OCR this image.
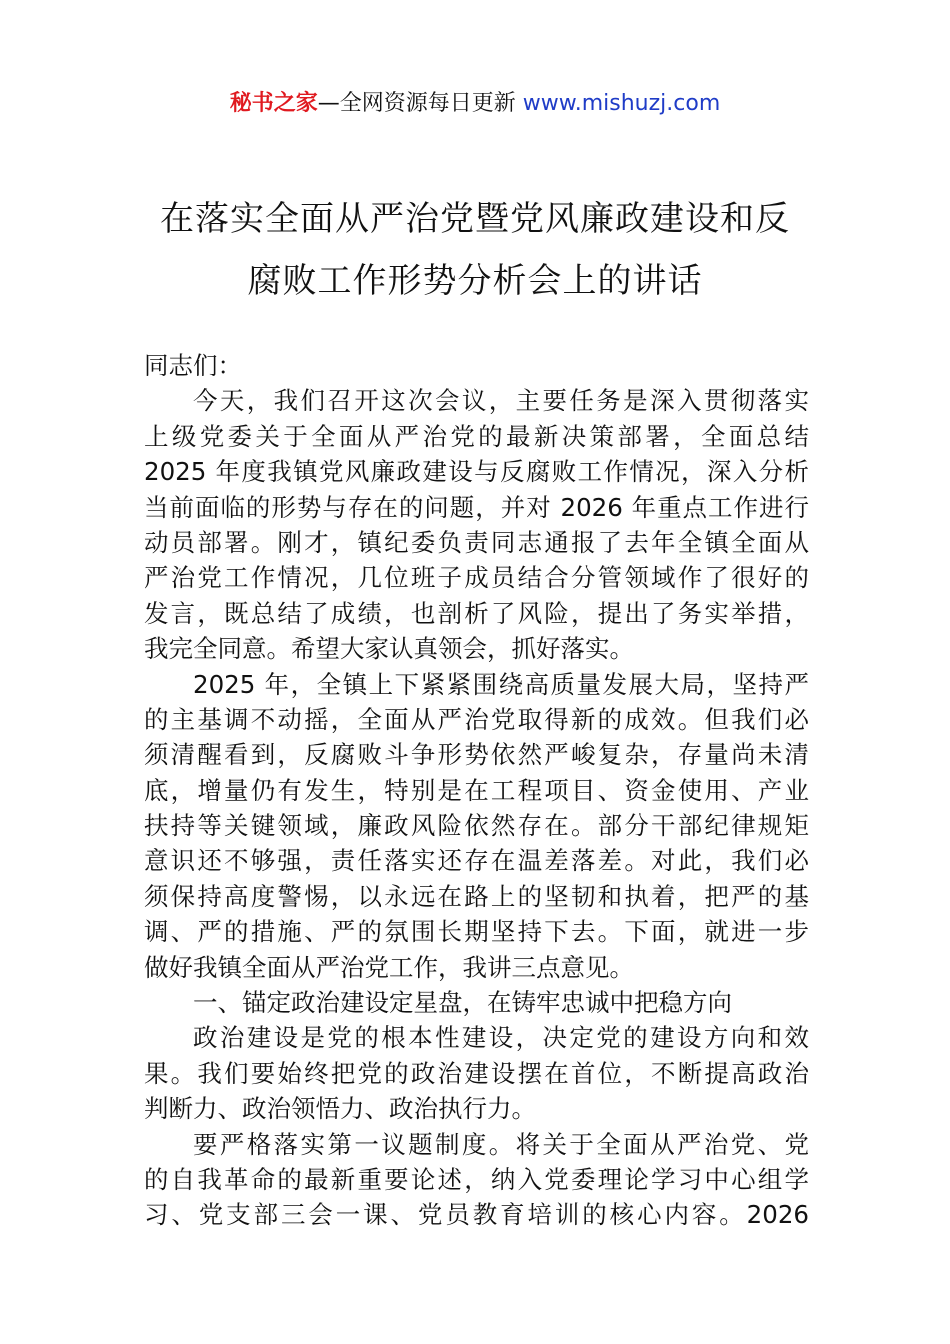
秘书之家—全网资源每日更新 www.mishuzj.com
在落实全面从严治党暨党风廉政建设和反
腐败工作形势分析会上的讲话
同志们：
今天，我们召开这次会议，主要任务是深入贯彻落实
上级党委关于全面从严治党的最新决策部署，全面总结
2025 年度我镇党风廉政建设与反腐败工作情况，深入分析
当前面临的形势与存在的问题，并对 2026 年重点工作进行
动员部署。刚才，镇纪委负责同志通报了去年全镇全面从
严治党工作情况，几位班子成员结合分管领域作了很好的
发言，既总结了成绩，也剖析了风险，提出了务实举措，
我完全同意。希望大家认真领会，抓好落实。
2025 年，全镇上下紧紧围绕高质量发展大局，坚持严
的主基调不动摇，全面从严治党取得新的成效。但我们必
须清醒看到，反腐败斗争形势依然严峻复杂，存量尚未清
底，增量仍有发生，特别是在工程项目、资金使用、产业
扶持等关键领域，廉政风险依然存在。部分干部纪律规矩
意识还不够强，责任落实还存在温差落差。对此，我们必
须保持高度警惕，以永远在路上的坚韧和执着，把严的基
调、严的措施、严的氛围长期坚持下去。下面，就进一步
做好我镇全面从严治党工作，我讲三点意见。
一、锚定政治建设定星盘，在铸牢忠诚中把稳方向
政治建设是党的根本性建设，决定党的建设方向和效
果。我们要始终把党的政治建设摆在首位，不断提高政治
判断力、政治领悟力、政治执行力。
要严格落实第一议题制度。将关于全面从严治党、党
的自我革命的最新重要论述，纳入党委理论学习中心组学
习、党支部三会一课、党员教育培训的核心内容。2026
